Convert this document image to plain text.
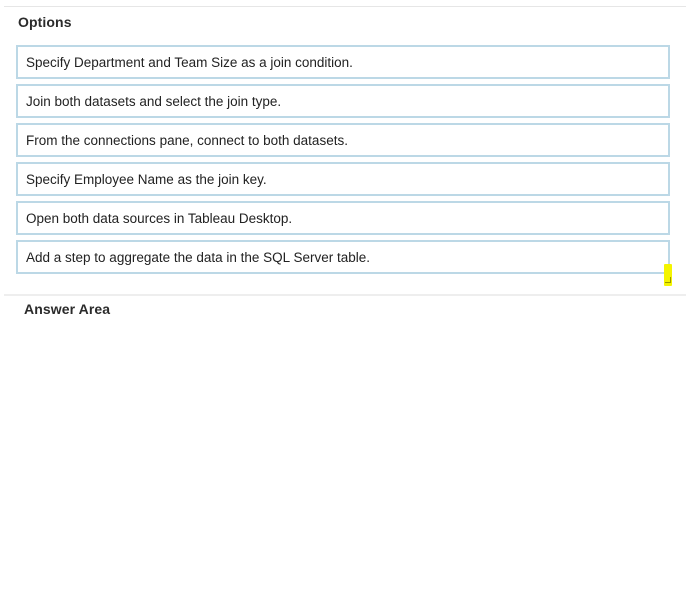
Options
Specify Department and Team Size as a join condition.
Join both datasets and select the join type.
From the connections pane, connect to both datasets.
Specify Employee Name as the join key.
Open both data sources in Tableau Desktop.
Add a step to aggregate the data in the SQL Server table.
Answer Area
